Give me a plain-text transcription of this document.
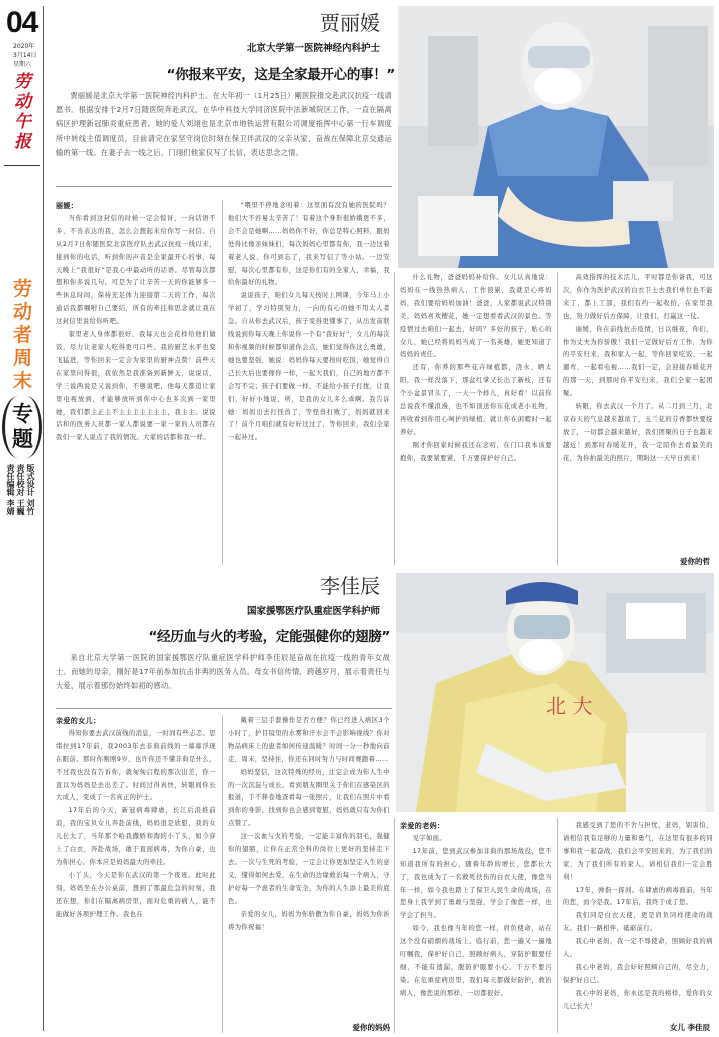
04
2020年
3月14日
星期六
劳动午报
劳动者周末
专题
版式设计 刘竹
责任校对 王巍
责任编辑 李婧
贾丽媛
北京大学第一医院神经内科护士
“你报来平安，这是全家最开心的事！”

贾丽媛是北京大学第一医院神经内科护士。在大年初一（1月25日）剛医院报交赴武汉抗疫一线请愿书。根据安排于2月7日随医院奔赴武汉，在华中科技大学同济医院中法新城院区工作，一直在隔离病区护理新冠肺炎重症患者。她的爱人刘翊也是北京市地铁运营有限公司调度指挥中心第一行车调度所中转线主值调度员，目前请完在家坚守岗位时刻在保卫伴武汉的父亲从家，奋战在保障北京交通运输的第一线。在妻子去一线之后，门翊们他家仅写了长信，表达思念之情。

丽媛：

当你看到这封信的时候一定会惊讶，一向话语不多、不善表达的我，怎么会想起来给你写一封信。自从2月7日你随医院北京医疗队去武汉抗疫一线以来，接到你的电话，听到你的声音是全家最开心的事，每天晚上“我很好”是我心中最动听的话语。尽管每次都想和你多说几句，可是为了让辛苦一天的你能够多一些休息时间，保持充足体力迎接第二天的工作，每次通话我都嘱咐自己要结，所有的牵挂和思念就让我在这封信里说给你听吧。

家里老人身体都很好，我每天也会花样给他们做饭，尽力让老家人吃得更可口些。我的厨艺水平也变飞猛进，等你回来一定会为家里的厨神点赞！前些天在家里问得很，我依然是我准备到新鲜天，说说话，学三说两说是又说到你，不够说吧，他每天都追让家里电视放到，才能够放听到你中心也多次到一家里她，我们都主正主不主主主主主主主，我主主。说说话和的医务人员都一家人都说要一家一家的人员都在我们一家人说点了我的情况。大家的话都和我一样。

“喂里不停地念叨着：这里面有没有她的医院吗？他们大不容易太辛苦了！有着这个身形很娇娥更不多，会不会是她啊……妈妈你不好，你总是特心照料，跟妈处得比像亲妹妹们，每次妈妈心里都有你，我一边这着着老人说，你可到忘了，我来写信了等小姑。一边安慰，每次心里都有你，这是你们有的全家人，幸福，我给你最好的礼物。

说说孩子，咱们女儿每天按时上网课，今年马上小学初了，学习特别努力，一向的有心的她不用太人者急。自从你去武汉后，孩子变得更懂事了，从出发前联线说到你每天晚上你说你一个有“我好好”，女儿的每次和你视频的时候都知道你会点，她们觉得你这么勇敢，她也要坚强，她说：妈妈你每天要按时吃饭，她觉得自己长大后也要像你一样，一起大我们，自己的地方都不会写不完；孩子们要做一样，不能给小孩子打扰，让我们，好好小地说，所，是我的女儿多么乖啊。我告诉她：妈妈出去打怪兽了，等怪兽打败了，妈妈就回来了！前个月咱们就有好好过过了，等你回来，我们全家一起补过。

什么礼物，爸爸妈妈补给你。女儿认真地说：妈妈在一线热热病人，工作很累，我就是心疼妈妈，我们要给妈妈加油！爸爸，人家都说武汉特别美，妈妈喜欢樱花，她一定想看看武汉的景色。等疫情过去咱们一起去，好吗？多好的孩子，贴心的女儿，她已经将妈妈当成了一名英雄，她更知道了妈妈的责任。

还有，你养的那些花卉绿植都，浇水、晒太阳，我一样没落下，那盆红掌又长出了新枝，还有个小盆景冒头了，一天一个样儿，真好看！以前你总说我不懂浪漫，也不如顶送你东花成老小礼物，再收看到你用心呵护的绿植，就让你在闲暇时一起养好。

刚才你回家时候我还在念叨，在门口我本该要抱你，我要紧要紧，千万要保护好自己。

高效指挥的技术活儿，平时都是你备我，可这次，你作为医护武汉的白衣卫士去我们单位也不能来了，都上工部，我们有约一起收拾，在家里我也，努力做好后方保障，让我们，打赢这一仗。

丽媛，你在前线抗击疫情，日以继夜，你们，作为丈夫为你骄傲！我们一定做好后方工作，为你的平安归来，我和家人一起，等你回家吃饭、一起遛弯、一起看电视……我们一定，会迎接春暖花开的那一天，到那时你平安归来，我们全家一起团聚。

转眼，你去武汉一个月了。从二月到三月，北京春天的气息越来越浓了，玉兰花的芬香都快要绽放了，一切都会越来越好，我们团聚的日子也越来越近！到那时春暖花开，我一定陪你去看最美的花，为你拍最美的照片，期盼这一天早日到来！

爱你的哲
北 大
李佳辰
国家援鄂医疗队重症医学科护师
“经历血与火的考验，定能强健你的翅膀”

来自北京大学第一医院的国家援鄂医疗队重症医学科护师李佳辰是奋战在抗疫一线的青年女战士。而她的母亲，刚好是17年前参加抗击非典的医务人员。母女书信传情，跨越岁月，展示着责任与大爱，展示着那份始终如初的感动。

亲爱的女儿：

得知你要去武汉前线的消息，一时间有些忐忑。思绪拉到17年前，我2003年去非典前线的一幕幕浮现在眼前。那时你刚刚9岁，也许你还不懂非典是什么，不过我也没有告诉你，就匆匆启程的那次出差，你一直以为妈妈是去出差了。时间过得真快，转眼间你长大成人，变成了一名真正的护士。

17年后的今天，新冠病毒肆虐，长江后浪推前浪，我的宝贝女儿奔赴前线，妈妈很是欣慰，我的女儿长大了，当年那个哈我撒娇和淘的小丫头，如今穿上了白衣，奔赴战场，敢于直面病毒，为你自豪，也为你担心。你本应是妈妈最大的牵挂。

小丫头，今天是你在武汉的第一个夜班。此时此刻，妈妈坐在办公桌前，想到了那最危急的时刻，我还在想，你们在隔离病房里，面对危重的病人，能不能做好各项护理工作。我也在

戴着三层手套操作是否方便？你已经进入病区3个小时了，护目镜里的水雾和汗水会不会影响视线？你对物品病床上的患者如何传递温暖？时间一分一秒地向前走，周末，坚持住，你还在同时努力与时间赛跑着……

妈妈坚信，这次特殊的经历，注定会成为你人生中的一次沉淀与成长。看到朋友圈里关于你们在感染区的报道，手不释卷地查看每一张照片，让我们在照片中看到你的身影，找到你也会感到宽慰，妈妈就只有为你们点赞了。

这一次血与火的考验，一定能丰富你的羽毛，强健你的翅膀，让你在正常全科的岗位上更好的坚持走下去。一次与生死的考验，一定会让你更加坚定入生的意义，懂得如何去爱，在生命的边缘救治每一个病人，守护好每一个患者的生命安全，为你的人生添上最美的底色。

亲爱的女儿，妈妈为你骄傲为你自豪，妈妈为你祈祷为你祝福！

爱你的妈妈
亲爱的老妈：

见字如面。

17年前，您到武汉参加非典的那场战役，您不知道我所有的担心，随着年龄的增长，您都长大了，我也成为了一名救死扶伤的白衣天使，像您当年一样，如今我也踏上了保卫人民生命的战场，在您身上我学到了勇敢与坚强，学会了像您一样，也学会了担当。

如今，我也像当年的您一样，肩负使命，站在这个没有硝烟的战场上。临行前，您一遍又一遍地叮嘱我，保护好自己，照顾好病人，穿防护服要仔细，不能有遗漏，脱防护服要小心，千万不要污染。在危重症病房里，我们每天都做好防护，救治病人，像您说的那样，一切都很好。

我感受到了您的不舍与担忧，老妈，别害怕，请相信我有足够的力量和勇气，在这里有很多的同事和我一起奋战，我们会平安回来的，为了我们的家，为了我们所有的家人，请相信我们一定会胜利！

17年，弹指一挥间。在肆虐的病毒面前，当年的您，而今是我。17年后，我终于成了您。

我们同是白衣天使，更是肩负同样使命的战友。我们一路相伴，砥砺前行。

我心中老妈，我一定不辱使命，照顾好我的病人。

我心中老妈，我会好好照顾自己的，尽全力，保护好自己。

我心中的老妈，你永远是我的榜样，爱你的女儿已长大！

女儿 李佳辰
